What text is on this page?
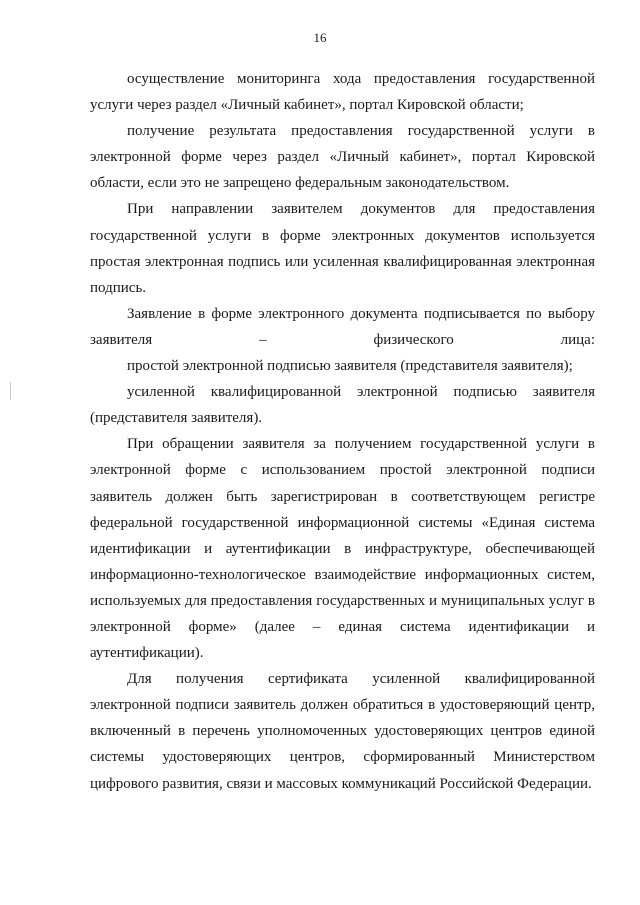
16

осуществление мониторинга хода предоставления государственной услуги через раздел «Личный кабинет», портал Кировской области;

получение результата предоставления государственной услуги в электронной форме через раздел «Личный кабинет», портал Кировской области, если это не запрещено федеральным законодательством.

При направлении заявителем документов для предоставления государственной услуги в форме электронных документов используется простая электронная подпись или усиленная квалифицированная электронная подпись.

Заявление в форме электронного документа подписывается по выбору заявителя – физического лица:

простой электронной подписью заявителя (представителя заявителя);

усиленной квалифицированной электронной подписью заявителя (представителя заявителя).

При обращении заявителя за получением государственной услуги в электронной форме с использованием простой электронной подписи заявитель должен быть зарегистрирован в соответствующем регистре федеральной государственной информационной системы «Единая система идентификации и аутентификации в инфраструктуре, обеспечивающей информационно-технологическое взаимодействие информационных систем, используемых для предоставления государственных и муниципальных услуг в электронной форме» (далее – единая система идентификации и аутентификации).

Для получения сертификата усиленной квалифицированной электронной подписи заявитель должен обратиться в удостоверяющий центр, включенный в перечень уполномоченных удостоверяющих центров единой системы удостоверяющих центров, сформированный Министерством цифрового развития, связи и массовых коммуникаций Российской Федерации.
